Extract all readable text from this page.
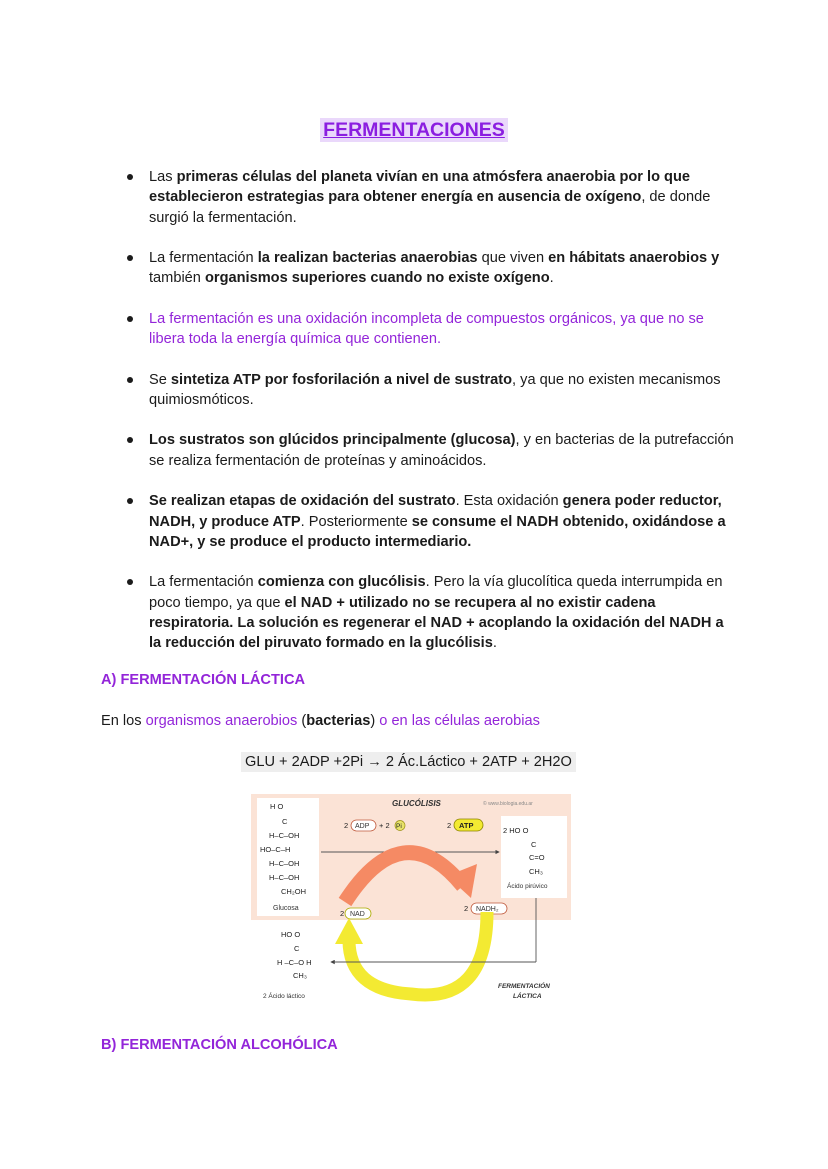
FERMENTACIONES
Las primeras células del planeta vivían en una atmósfera anaerobia por lo que establecieron estrategias para obtener energía en ausencia de oxígeno, de donde surgió la fermentación.
La fermentación la realizan bacterias anaerobias que viven en hábitats anaerobios y también organismos superiores cuando no existe oxígeno.
La fermentación es una oxidación incompleta de compuestos orgánicos, ya que no se libera toda la energía química que contienen.
Se sintetiza ATP por fosforilación a nivel de sustrato, ya que no existen mecanismos quimiosmóticos.
Los sustratos son glúcidos principalmente (glucosa), y en bacterias de la putrefacción se realiza fermentación de proteínas y aminoácidos.
Se realizan etapas de oxidación del sustrato. Esta oxidación genera poder reductor, NADH, y produce ATP. Posteriormente se consume el NADH obtenido, oxidándose a NAD+, y se produce el producto intermediario.
La fermentación comienza con glucólisis. Pero la vía glucolítica queda interrumpida en poco tiempo, ya que el NAD + utilizado no se recupera al no existir cadena respiratoria. La solución es regenerar el NAD + acoplando la oxidación del NADH a la reducción del piruvato formado en la glucólisis.
A) FERMENTACIÓN LÁCTICA
En los organismos anaerobios (bacterias) o en las células aerobias
GLU + 2ADP +2Pi → 2 Ác.Láctico + 2ATP + 2H2O
GLUCÓLISIS	© www.biologia.edu.ar
H O
C
H–C–OH
HO–C–H
H–C–OH
H–C–OH
CH₂OH
Glucosa
2 ADP + 2 Pi	2 ATP
2 HO O
C
C=O
CH₃
Ácido pirúvico
2 NAD
2 NADH₂
HO O
C
H –C–O H
CH₃
2 Ácido láctico
FERMENTACIÓN
LÁCTICA
B) FERMENTACIÓN ALCOHÓLICA
